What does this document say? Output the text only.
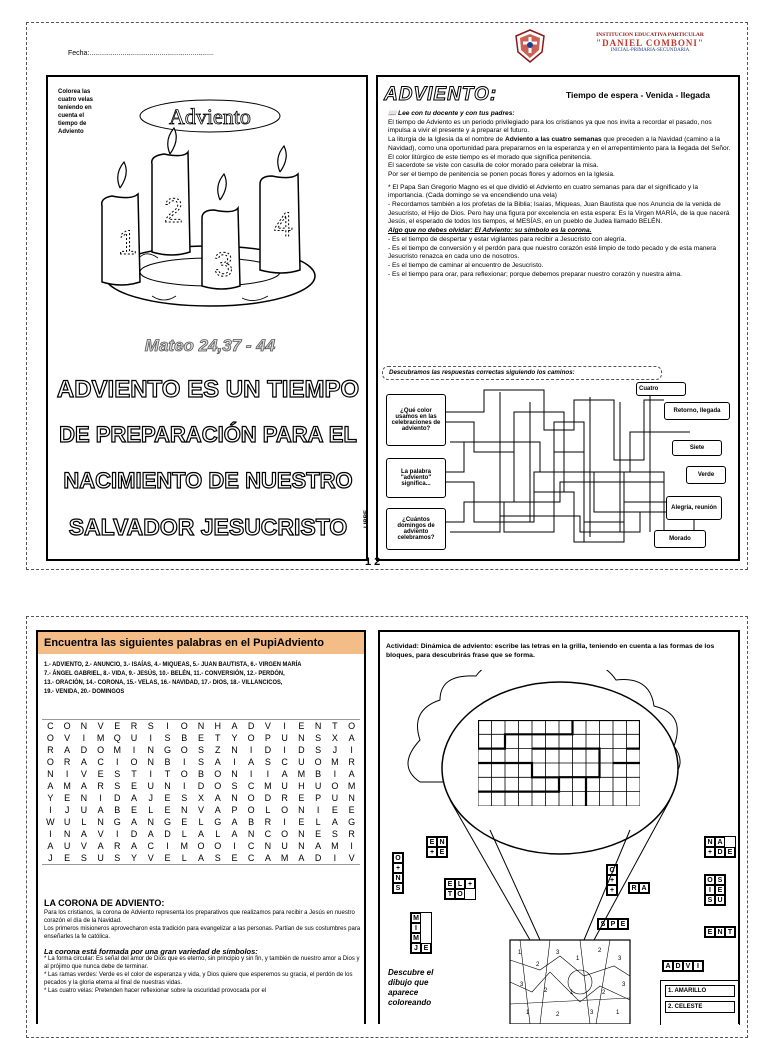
Fecha:................................................................
INSTITUCION EDUCATIVA PARTICULAR
"DANIEL COMBONI"
INICIAL-PRIMARIA-SECUNDARIA
Colorea las cuatro velas teniendo en cuenta el tiempo de Adviento
Adviento
1
2
3
4
Mateo 24,37 - 44
ADVIENTO ES UN TIEMPO
DE PREPARACIÓN PARA EL
NACIMIENTO DE NUESTRO
SALVADOR JESUCRISTO
1 2
ADVIENTO:	Tiempo de espera - Venida - llegada

📖 Lee con tu docente y con tus padres:

El tiempo de Adviento es un periodo privilegiado para los cristianos ya que nos invita a recordar el pasado, nos impulsa a vivir el presente y a preparar el futuro.

La liturgia de la Iglesia da el nombre de Adviento a las cuatro semanas que preceden a la Navidad (camino a la Navidad), como una oportunidad para prepararnos en la esperanza y en el arrepentimiento para la llegada del Señor.

El color litúrgico de este tiempo es el morado que significa penitencia.

El sacerdote se viste con casulla de color morado para celebrar la misa.

Por ser el tiempo de penitencia se ponen pocas flores y adornos en la Iglesia.

* El Papa San Gregorio Magno es el que dividió el Adviento en cuatro semanas para dar el significado y la importancia. (Cada domingo se va encendiendo una vela)

- Recordamos también a los profetas de la Biblia; Isaías, Miqueas, Juan Bautista que nos Anuncia de la venida de Jesucristo, el Hijo de Dios. Pero hay una figura por excelencia en esta espera: Es la Virgen MARÍA, de la que nacerá Jesús, el esperado de todos los tiempos, el MESÍAS, en un pueblo de Judea llamado BELÉN.

Algo que no debes olvidar: El Adviento: su símbolo es la corona.

- Es el tiempo de despertar y estar vigilantes para recibir a Jesucristo con alegría.

- Es el tiempo de conversión y el perdón para que nuestro corazón esté limpio de todo pecado y de esta manera Jesucristo renazca en cada uno de nosotros.

- Es el tiempo de caminar al encuentro de Jesucristo.

- Es el tiempo para orar, para reflexionar; porque debemos preparar nuestro corazón y nuestra alma.

Descubramos las respuestas correctas siguiendo los caminos:
¿Qué color usamos en las celebraciones de adviento?
La palabra "adviento" significa...
¿Cuántos domingos de adviento celebramos?
Cuatro
Retorno, llegada
Siete
Verde
Alegría, reunión
Morado
LIBRE
Encuentra las siguientes palabras en el PupiAdviento
1.- ADVIENTO, 2.- ANUNCIO, 3.- ISAÍAS, 4.- MIQUEAS, 5.- JUAN BAUTISTA, 6.- VIRGEN MARÍA
7.- ÁNGEL GABRIEL, 8.- VIDA, 9.- JESÚS, 10.- BELÉN, 11.- CONVERSIÓN, 12.- PERDÓN,
13.- ORACIÓN, 14.- CORONA, 15.- VELAS, 16.- NAVIDAD, 17.- DIOS, 18.- VILLANCICOS,
19.- VENIDA, 20.- DOMINGOS
C	O	N	V	E	R	S	I	O	N	H	A	D	V	I	E	N	T	O
O	V	I	M	Q	U	I	S	B	E	T	Y	O	P	U	N	S	X	A
R	A	D	O	M	I	N	G	O	S	Z	N	I	D	I	D	S	J	I
O	R	A	C	I	O	N	B	I	S	A	I	A	S	C	U	O	M	R
N	I	V	E	S	T	I	T	O	B	O	N	I	I	A	M	B	I	A
A	M	A	R	S	E	U	N	I	D	O	S	C	M	U	H	U	O	M
Y	E	N	I	D	A	J	E	S	X	A	N	O	D	R	E	P	U	N
I	J	U	A	B	E	L	E	N	V	A	P	O	L	O	N	I	E	E
W	U	L	N	G	A	N	G	E	L	G	A	B	R	I	E	L	A	G
I	N	A	V	I	D	A	D	L	A	L	A	N	C	O	N	E	S	R
A	U	V	A	R	A	C	I	M	O	O	I	C	N	U	N	A	M	I
J	E	S	U	S	Y	V	E	L	A	S	E	C	A	M	A	D	I	V

LA CORONA DE ADVIENTO:

Para los cristianos, la corona de Adviento representa los preparativos que realizamos para recibir a Jesús en nuestro corazón el día de la Navidad.

Los primeros misioneros aprovecharon esta tradición para evangelizar a las personas. Partían de sus costumbres para enseñarles la fe católica.

La corona está formada por una gran variedad de símbolos:

* La forma circular: Es señal del amor de Dios que es eterno, sin principio y sin fin, y también de nuestro amor a Dios y al prójimo que nunca debe de terminar.

* Las ramas verdes: Verde es el color de esperanza y vida, y Dios quiere que esperemos su gracia, el perdón de los pecados y la gloria eterna al final de nuestras vidas.

* Las cuatro velas: Pretenden hacer reflexionar sobre la oscuridad provocada por el

Actividad: Dinámica de adviento: escribe las letras en la grilla, teniendo en cuenta a las formas de los bloques, para descubrirás frase que se forma.
1
2
3
1
2
3
3
2	1	2
3
1	2	3	1
E N
+ E
O
+
N
S
E L +
T O
M
I
M
J E
C
+
+	R A
S P E
N A
+ D E
O S
I E
S U
E N T
A D V I
Descubre el dibujo que aparece coloreando
1. AMARILLO
2. CELESTE
